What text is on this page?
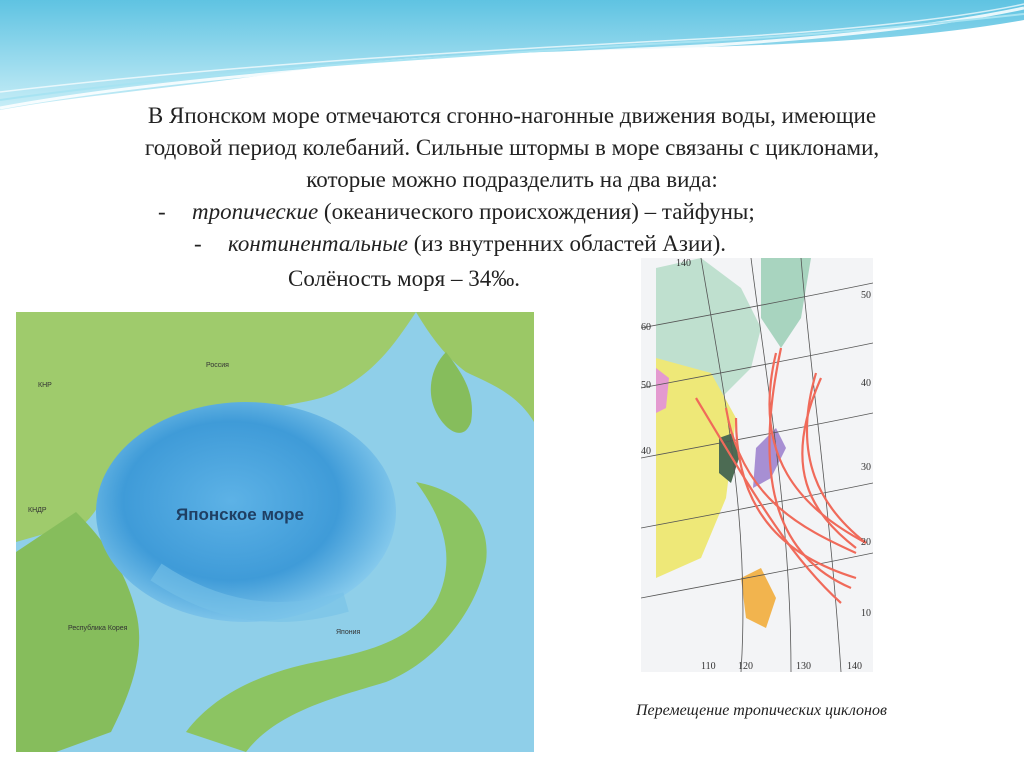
В Японском море отмечаются сгонно-нагонные движения воды, имеющие

годовой период колебаний. Сильные штормы в море связаны с циклонами,

которые можно подразделить на два вида:

- тропические (океанического происхождения) – тайфуны;

- континентальные (из внутренних областей Азии).

Солёность моря – 34‰.
Японское море
КНР
Россия
КНДР
Республика Корея
Япония
140
110 120	130	140
60
50
40
50
40
30
20
10
Перемещение тропических циклонов
